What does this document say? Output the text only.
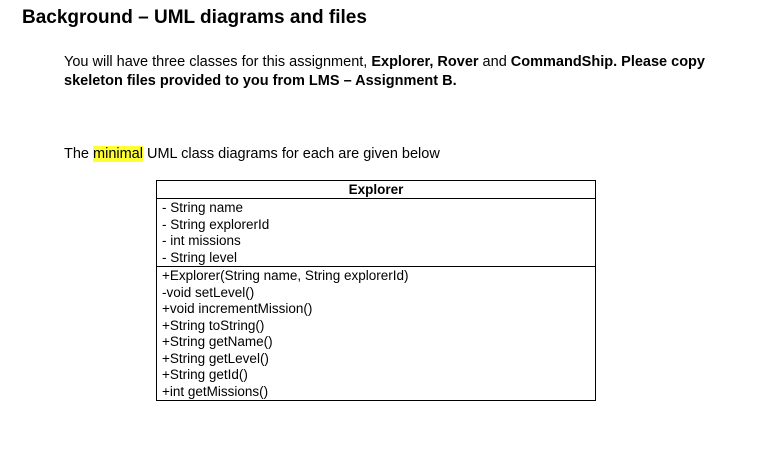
Background – UML diagrams and files
You will have three classes for this assignment, Explorer, Rover and CommandShip. Please copy skeleton files provided to you from LMS – Assignment B.
The minimal UML class diagrams for each are given below
Explorer
- String name
- String explorerId
- int missions
- String level
+Explorer(String name, String explorerId)
-void setLevel()
+void incrementMission()
+String toString()
+String getName()
+String getLevel()
+String getId()
+int getMissions()
